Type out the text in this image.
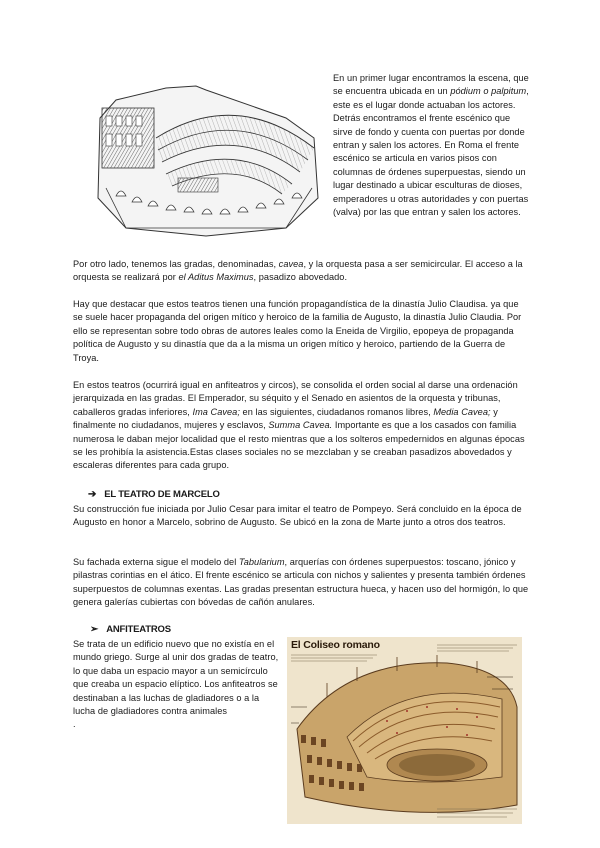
En un primer lugar encontramos la escena, que se encuentra ubicada en un pódium o palpitum, este es el lugar donde actuaban los actores. Detrás encontramos el frente escénico que sirve de fondo y cuenta con puertas por donde entran y salen los actores. En Roma el frente escénico se articula en varios pisos con columnas de órdenes superpuestas, siendo un lugar destinado a ubicar esculturas de dioses, emperadores u otras autoridades y con puertas (valva) por las que entran y salen los actores.

Por otro lado, tenemos las gradas, denominadas, cavea, y la orquesta pasa a ser semicircular. El acceso a la orquesta se realizará por el Aditus Maximus, pasadizo abovedado.

Hay que destacar que estos teatros tienen una función propagandística de la dinastía Julio Claudisa. ya que se suele hacer propaganda del origen mítico y heroico de la familia de Augusto, la dinastía Julio Claudia. Por ello se representan sobre todo obras de autores leales como la Eneida de Virgilio, epopeya de propaganda política de Augusto y su dinastía que da a la misma un origen mítico y heroico, partiendo de la Guerra de Troya.

En estos teatros (ocurrirá igual en anfiteatros y circos), se consolida el orden social al darse una ordenación jerarquizada en las gradas. El Emperador, su séquito y el Senado en asientos de la orquesta y tribunas, caballeros gradas inferiores, Ima Cavea; en las siguientes, ciudadanos romanos libres, Media Cavea; y finalmente no ciudadanos, mujeres y esclavos, Summa Cavea. Importante es que a los casados con familia numerosa le daban mejor localidad que el resto mientras que a los solteros empedernidos en algunas épocas se les prohibía la asistencia.Estas clases sociales no se mezclaban y se creaban pasadizos abovedados y escaleras diferentes para cada grupo.

➔ EL TEATRO DE MARCELO

Su construcción fue iniciada por Julio Cesar para imitar el teatro de Pompeyo. Será concluido en la época de Augusto en honor a Marcelo, sobrino de Augusto. Se ubicó en la zona de Marte junto a otros dos teatros.

Su fachada externa sigue el modelo del Tabularium, arquerías con órdenes superpuestos: toscano, jónico y pilastras corintias en el ático. El frente escénico se articula con nichos y salientes y presenta también órdenes superpuestos de columnas exentas. Las gradas presentan estructura hueca, y hacen uso del hormigón, lo que genera galerías cubiertas con bóvedas de cañón anulares.

➢ ANFITEATROS

Se trata de un edificio nuevo que no existía en el mundo griego. Surge al unir dos gradas de teatro, lo que daba un espacio mayor a un semicírculo que creaba un espacio elíptico. Los anfiteatros se destinaban a las luchas de gladiadores o a la lucha de gladiadores contra animales

.

El Coliseo romano
